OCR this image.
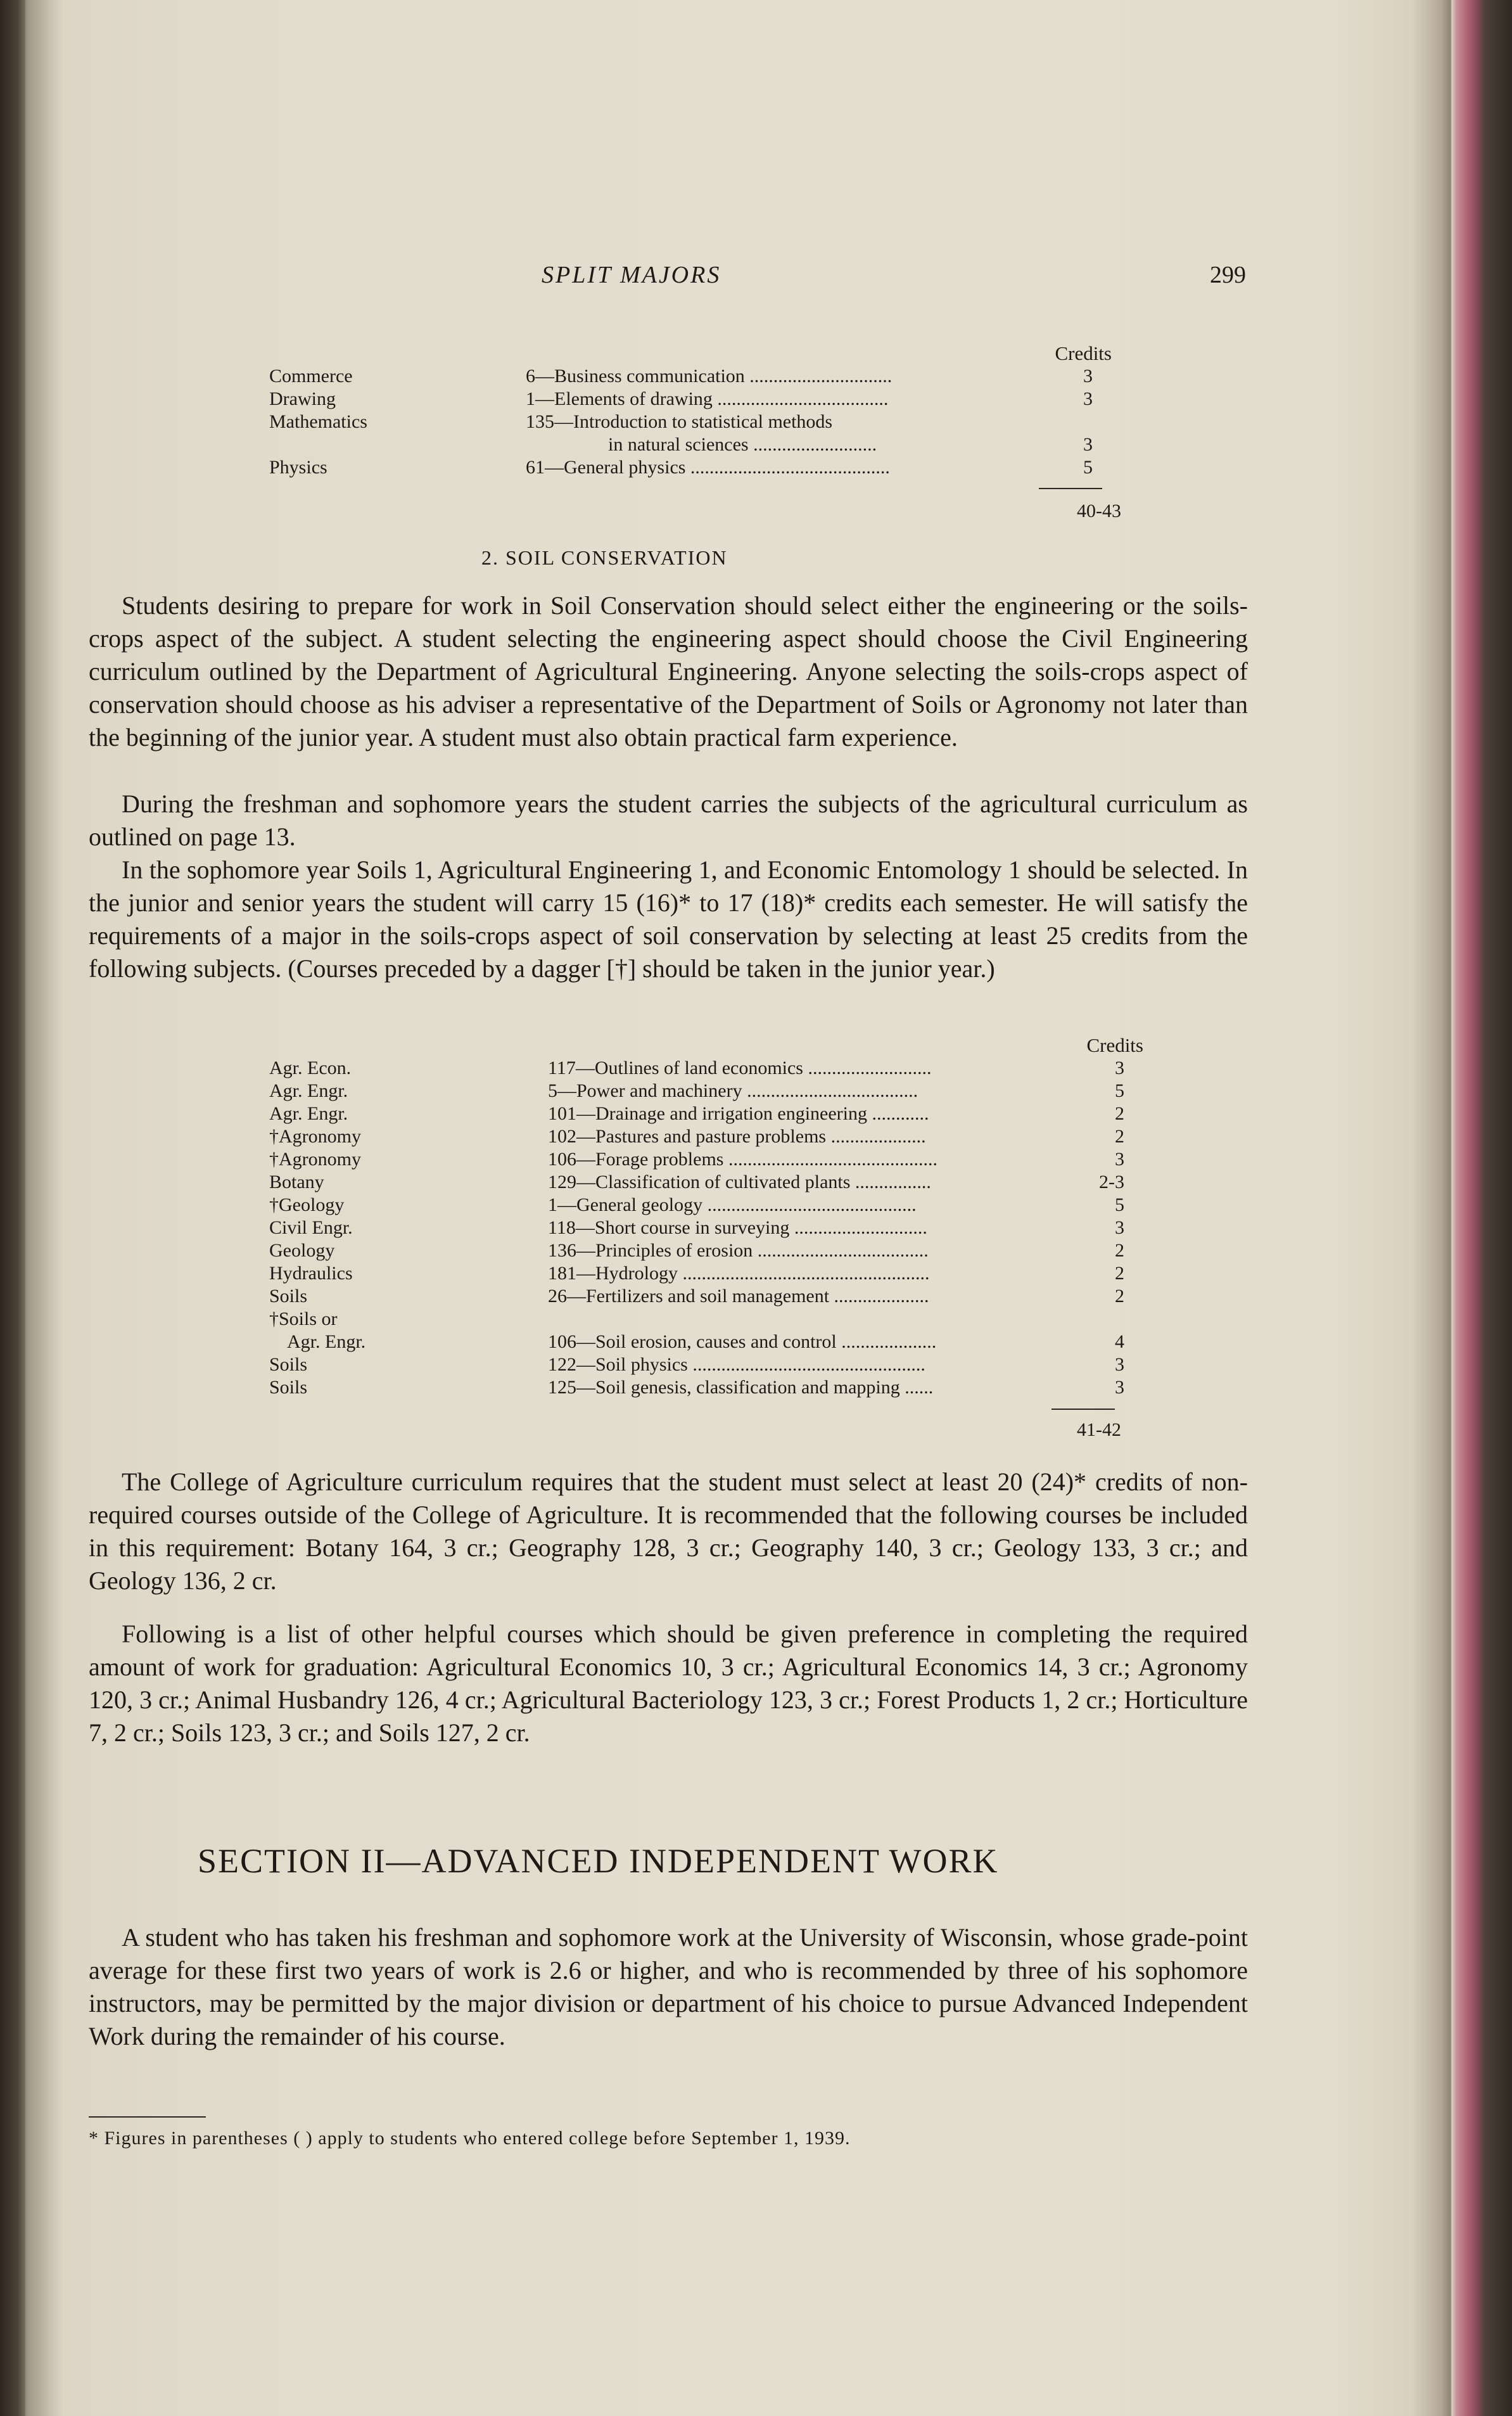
SPLIT MAJORS	299
Credits
Commerce	6—Business communication ..............................	3
Drawing	1—Elements of drawing ....................................	3
Mathematics	135—Introduction to statistical methods
in natural sciences ..........................	3
Physics	61—General physics ..........................................	5
40-43
2. SOIL CONSERVATION

Students desiring to prepare for work in Soil Conservation should select either the engineering or the soils-crops aspect of the subject. A student selecting the engineering aspect should choose the Civil Engineering curriculum outlined by the Department of Agricultural Engineering. Anyone selecting the soils-crops aspect of conservation should choose as his adviser a representative of the Department of Soils or Agronomy not later than the beginning of the junior year. A student must also obtain practical farm experience.

During the freshman and sophomore years the student carries the subjects of the agricultural curriculum as outlined on page 13.

In the sophomore year Soils 1, Agricultural Engineering 1, and Economic Entomology 1 should be selected. In the junior and senior years the student will carry 15 (16)* to 17 (18)* credits each semester. He will satisfy the requirements of a major in the soils-crops aspect of soil conservation by selecting at least 25 credits from the following subjects. (Courses preceded by a dagger [†] should be taken in the junior year.)

Credits
Agr. Econ.	117—Outlines of land economics ..........................	3
Agr. Engr.	5—Power and machinery ....................................	5
Agr. Engr.	101—Drainage and irrigation engineering ............	2
†Agronomy	102—Pastures and pasture problems ....................	2
†Agronomy	106—Forage problems ............................................	3
Botany	129—Classification of cultivated plants ................	2-3
†Geology	1—General geology ............................................	5
Civil Engr.	118—Short course in surveying ............................	3
Geology	136—Principles of erosion ....................................	2
Hydraulics	181—Hydrology ....................................................	2
Soils	26—Fertilizers and soil management ....................	2
†Soils or
Agr. Engr.	106—Soil erosion, causes and control ....................	4
Soils	122—Soil physics .................................................	3
Soils	125—Soil genesis, classification and mapping ......	3
41-42

The College of Agriculture curriculum requires that the student must select at least 20 (24)* credits of non-required courses outside of the College of Agriculture. It is recommended that the following courses be included in this requirement: Botany 164, 3 cr.; Geography 128, 3 cr.; Geography 140, 3 cr.; Geology 133, 3 cr.; and Geology 136, 2 cr.

Following is a list of other helpful courses which should be given preference in completing the required amount of work for graduation: Agricultural Economics 10, 3 cr.; Agricultural Economics 14, 3 cr.; Agronomy 120, 3 cr.; Animal Husbandry 126, 4 cr.; Agricultural Bacteriology 123, 3 cr.; Forest Products 1, 2 cr.; Horticulture 7, 2 cr.; Soils 123, 3 cr.; and Soils 127, 2 cr.

SECTION II—ADVANCED INDEPENDENT WORK

A student who has taken his freshman and sophomore work at the University of Wisconsin, whose grade-point average for these first two years of work is 2.6 or higher, and who is recommended by three of his sophomore instructors, may be permitted by the major division or department of his choice to pursue Advanced Independent Work during the remainder of his course.

* Figures in parentheses ( ) apply to students who entered college before September 1, 1939.
